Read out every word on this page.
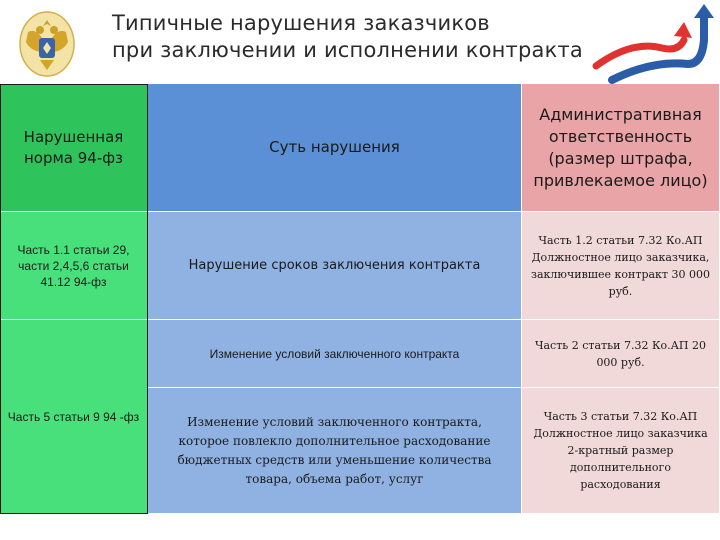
Типичные нарушения заказчиков
при заключении и исполнении контракта
Нарушенная норма 94-фз
Суть нарушения
Административная ответственность (размер штрафа, привлекаемое лицо)
Часть 1.1 статьи 29, части 2,4,5,6 статьи 41.12 94-фз
Нарушение сроков заключения контракта
Часть 1.2 статьи 7.32 Ко.АП Должностное лицо заказчика, заключившее контракт 30 000 руб.
Часть 5 статьи 9 94 -фз
Изменение условий заключенного контракта
Часть 2 статьи 7.32 Ко.АП 20 000 руб.
Изменение условий заключенного контракта, которое повлекло дополнительное расходование бюджетных средств или уменьшение количества товара, объема работ, услуг
Часть 3 статьи 7.32 Ко.АП Должностное лицо заказчика 2-кратный размер дополнительного расходования
